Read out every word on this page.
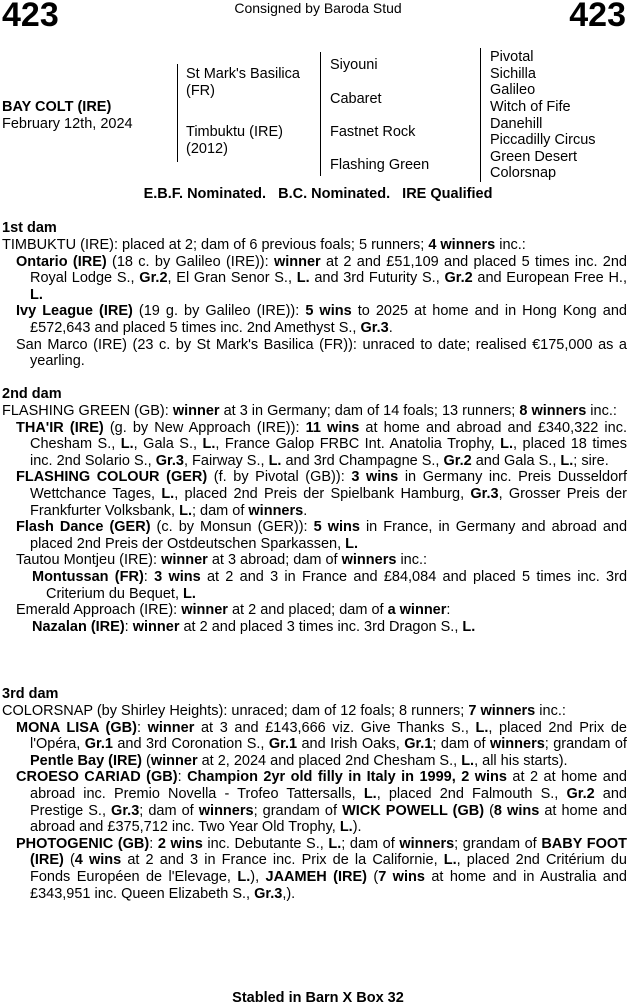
423	Consigned by Baroda Stud	423
BAY COLT (IRE)
February 12th, 2024
St Mark's Basilica (FR)
Timbuktu (IRE) (2012)
Siyouni
Cabaret
Fastnet Rock
Flashing Green
Pivotal
Sichilla
Galileo
Witch of Fife
Danehill
Piccadilly Circus
Green Desert
Colorsnap
E.B.F. Nominated.   B.C. Nominated.   IRE Qualified
1st dam
TIMBUKTU (IRE): placed at 2; dam of 6 previous foals; 5 runners; 4 winners inc.:
Ontario (IRE) (18 c. by Galileo (IRE)): winner at 2 and £51,109 and placed 5 times inc. 2nd Royal Lodge S., Gr.2, El Gran Senor S., L. and 3rd Futurity S., Gr.2 and European Free H., L.
Ivy League (IRE) (19 g. by Galileo (IRE)): 5 wins to 2025 at home and in Hong Kong and £572,643 and placed 5 times inc. 2nd Amethyst S., Gr.3.
San Marco (IRE) (23 c. by St Mark's Basilica (FR)): unraced to date; realised €175,000 as a yearling.
2nd dam
FLASHING GREEN (GB): winner at 3 in Germany; dam of 14 foals; 13 runners; 8 winners inc.:
THA'IR (IRE) (g. by New Approach (IRE)): 11 wins at home and abroad and £340,322 inc. Chesham S., L., Gala S., L., France Galop FRBC Int. Anatolia Trophy, L., placed 18 times inc. 2nd Solario S., Gr.3, Fairway S., L. and 3rd Champagne S., Gr.2 and Gala S., L.; sire.
FLASHING COLOUR (GER) (f. by Pivotal (GB)): 3 wins in Germany inc. Preis Dusseldorf Wettchance Tages, L., placed 2nd Preis der Spielbank Hamburg, Gr.3, Grosser Preis der Frankfurter Volksbank, L.; dam of winners.
Flash Dance (GER) (c. by Monsun (GER)): 5 wins in France, in Germany and abroad and placed 2nd Preis der Ostdeutschen Sparkassen, L.
Tautou Montjeu (IRE): winner at 3 abroad; dam of winners inc.:
Montussan (FR): 3 wins at 2 and 3 in France and £84,084 and placed 5 times inc. 3rd Criterium du Bequet, L.
Emerald Approach (IRE): winner at 2 and placed; dam of a winner:
Nazalan (IRE): winner at 2 and placed 3 times inc. 3rd Dragon S., L.
3rd dam
COLORSNAP (by Shirley Heights): unraced; dam of 12 foals; 8 runners; 7 winners inc.:
MONA LISA (GB): winner at 3 and £143,666 viz. Give Thanks S., L., placed 2nd Prix de l'Opéra, Gr.1 and 3rd Coronation S., Gr.1 and Irish Oaks, Gr.1; dam of winners; grandam of Pentle Bay (IRE) (winner at 2, 2024 and placed 2nd Chesham S., L., all his starts).
CROESO CARIAD (GB): Champion 2yr old filly in Italy in 1999, 2 wins at 2 at home and abroad inc. Premio Novella - Trofeo Tattersalls, L., placed 2nd Falmouth S., Gr.2 and Prestige S., Gr.3; dam of winners; grandam of WICK POWELL (GB) (8 wins at home and abroad and £375,712 inc. Two Year Old Trophy, L.).
PHOTOGENIC (GB): 2 wins inc. Debutante S., L.; dam of winners; grandam of BABY FOOT (IRE) (4 wins at 2 and 3 in France inc. Prix de la Californie, L., placed 2nd Critérium du Fonds Européen de l'Elevage, L.), JAAMEH (IRE) (7 wins at home and in Australia and £343,951 inc. Queen Elizabeth S., Gr.3,).
Stabled in Barn X Box 32
